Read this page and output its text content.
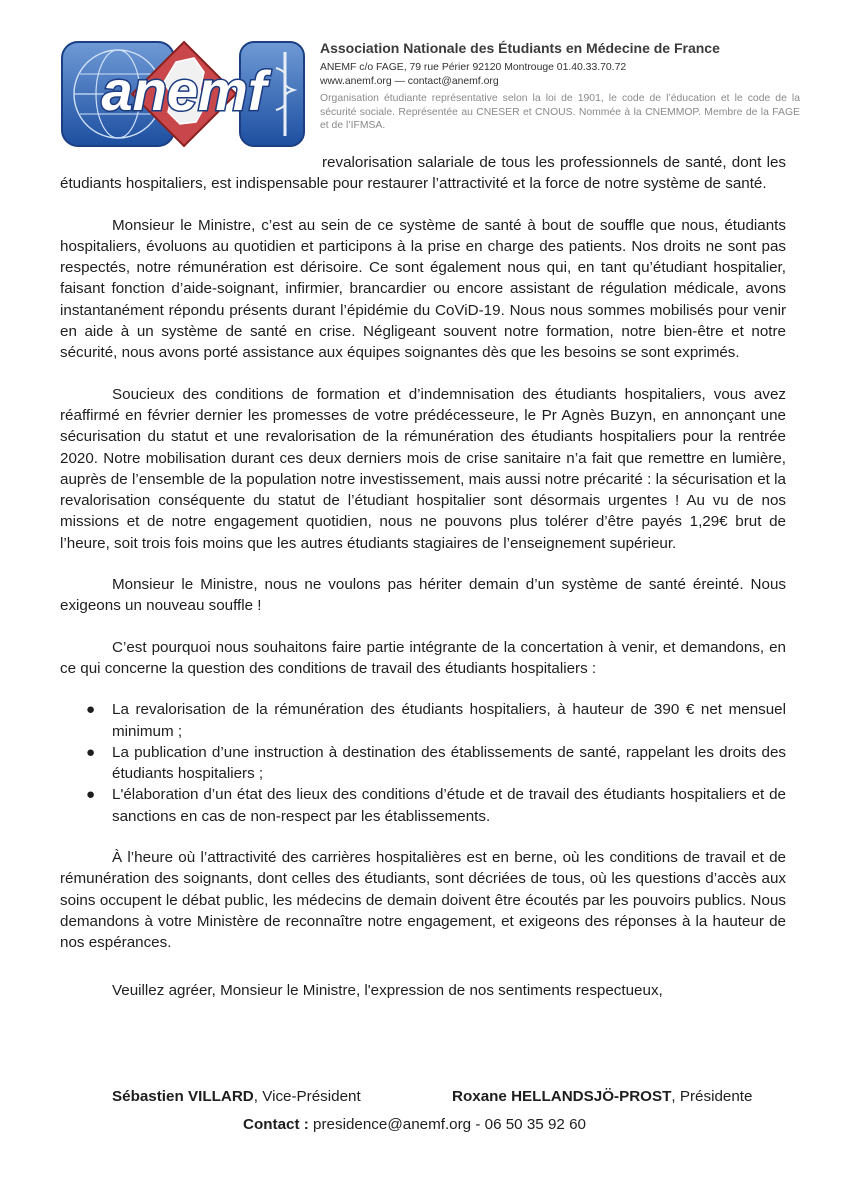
anemf
Association Nationale des Étudiants en Médecine de France
ANEMF c/o FAGE, 79 rue Périer 92120 Montrouge 01.40.33.70.72
www.anemf.org — contact@anemf.org
Organisation étudiante représentative selon la loi de 1901, le code de l’éducation et le code de la sécurité sociale. Représentée au CNESER et CNOUS. Nommée à la CNEMMOP. Membre de la FAGE et de l’IFMSA.

revalorisation salariale de tous les professionnels de santé, dont les étudiants hospitaliers, est indispensable pour restaurer l’attractivité et la force de notre système de santé.

Monsieur le Ministre, c’est au sein de ce système de santé à bout de souffle que nous, étudiants hospitaliers, évoluons au quotidien et participons à la prise en charge des patients. Nos droits ne sont pas respectés, notre rémunération est dérisoire. Ce sont également nous qui, en tant qu’étudiant hospitalier, faisant fonction d’aide-soignant, infirmier, brancardier ou encore assistant de régulation médicale, avons instantanément répondu présents durant l’épidémie du CoViD-19. Nous nous sommes mobilisés pour venir en aide à un système de santé en crise. Négligeant souvent notre formation, notre bien-être et notre sécurité, nous avons porté assistance aux équipes soignantes dès que les besoins se sont exprimés.

Soucieux des conditions de formation et d’indemnisation des étudiants hospitaliers, vous avez réaffirmé en février dernier les promesses de votre prédécesseure, le Pr Agnès Buzyn, en annonçant une sécurisation du statut et une revalorisation de la rémunération des étudiants hospitaliers pour la rentrée 2020. Notre mobilisation durant ces deux derniers mois de crise sanitaire n’a fait que remettre en lumière, auprès de l’ensemble de la population notre investissement, mais aussi notre précarité : la sécurisation et la revalorisation conséquente du statut de l’étudiant hospitalier sont désormais urgentes ! Au vu de nos missions et de notre engagement quotidien, nous ne pouvons plus tolérer d’être payés 1,29€ brut de l’heure, soit trois fois moins que les autres étudiants stagiaires de l’enseignement supérieur.

Monsieur le Ministre, nous ne voulons pas hériter demain d’un système de santé éreinté. Nous exigeons un nouveau souffle !

C’est pourquoi nous souhaitons faire partie intégrante de la concertation à venir, et demandons, en ce qui concerne la question des conditions de travail des étudiants hospitaliers :

● La revalorisation de la rémunération des étudiants hospitaliers, à hauteur de 390 € net mensuel minimum ;
● La publication d’une instruction à destination des établissements de santé, rappelant les droits des étudiants hospitaliers ;
● L'élaboration d’un état des lieux des conditions d’étude et de travail des étudiants hospitaliers et de sanctions en cas de non-respect par les établissements.

À l’heure où l’attractivité des carrières hospitalières est en berne, où les conditions de travail et de rémunération des soignants, dont celles des étudiants, sont décriées de tous, où les questions d’accès aux soins occupent le débat public, les médecins de demain doivent être écoutés par les pouvoirs publics. Nous demandons à votre Ministère de reconnaître notre engagement, et exigeons des réponses à la hauteur de nos espérances.

Veuillez agréer, Monsieur le Ministre, l'expression de nos sentiments respectueux,

Sébastien VILLARD, Vice-Président	Roxane HELLANDSJÖ-PROST, Présidente
Contact : presidence@anemf.org - 06 50 35 92 60
